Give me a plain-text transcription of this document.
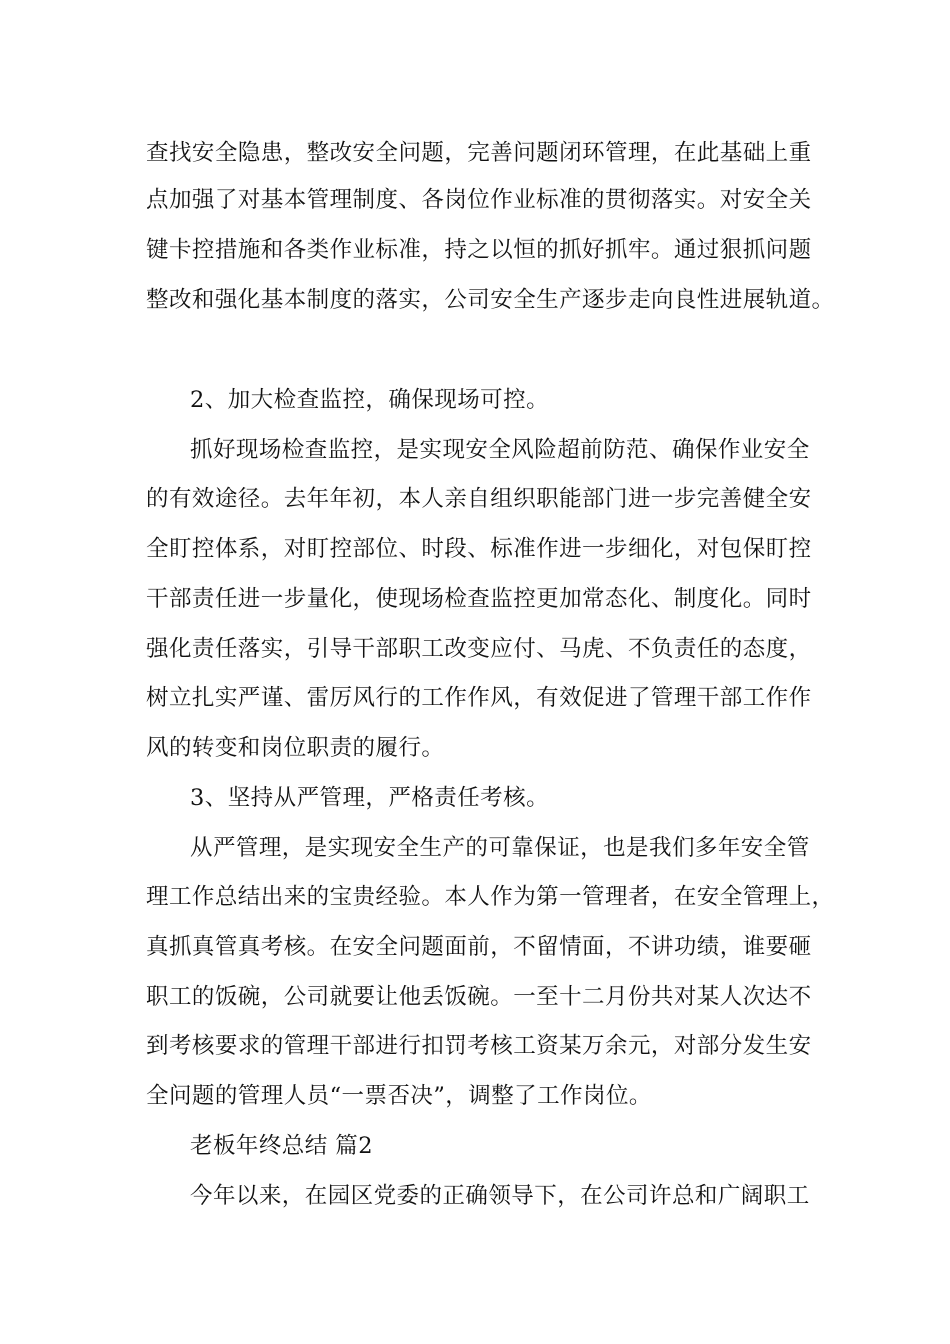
查找安全隐患，整改安全问题，完善问题闭环管理，在此基础上重
点加强了对基本管理制度、各岗位作业标准的贯彻落实。对安全关
键卡控措施和各类作业标准，持之以恒的抓好抓牢。通过狠抓问题
整改和强化基本制度的落实，公司安全生产逐步走向良性进展轨道。
2、加大检查监控，确保现场可控。
抓好现场检查监控，是实现安全风险超前防范、确保作业安全
的有效途径。去年年初，本人亲自组织职能部门进一步完善健全安
全盯控体系，对盯控部位、时段、标准作进一步细化，对包保盯控
干部责任进一步量化，使现场检查监控更加常态化、制度化。同时
强化责任落实，引导干部职工改变应付、马虎、不负责任的态度，
树立扎实严谨、雷厉风行的工作作风，有效促进了管理干部工作作
风的转变和岗位职责的履行。
3、坚持从严管理，严格责任考核。
从严管理，是实现安全生产的可靠保证，也是我们多年安全管
理工作总结出来的宝贵经验。本人作为第一管理者，在安全管理上，
真抓真管真考核。在安全问题面前，不留情面，不讲功绩，谁要砸
职工的饭碗，公司就要让他丢饭碗。一至十二月份共对某人次达不
到考核要求的管理干部进行扣罚考核工资某万余元，对部分发生安
全问题的管理人员“一票否决”，调整了工作岗位。
老板年终总结 篇2
今年以来，在园区党委的正确领导下，在公司许总和广阔职工
